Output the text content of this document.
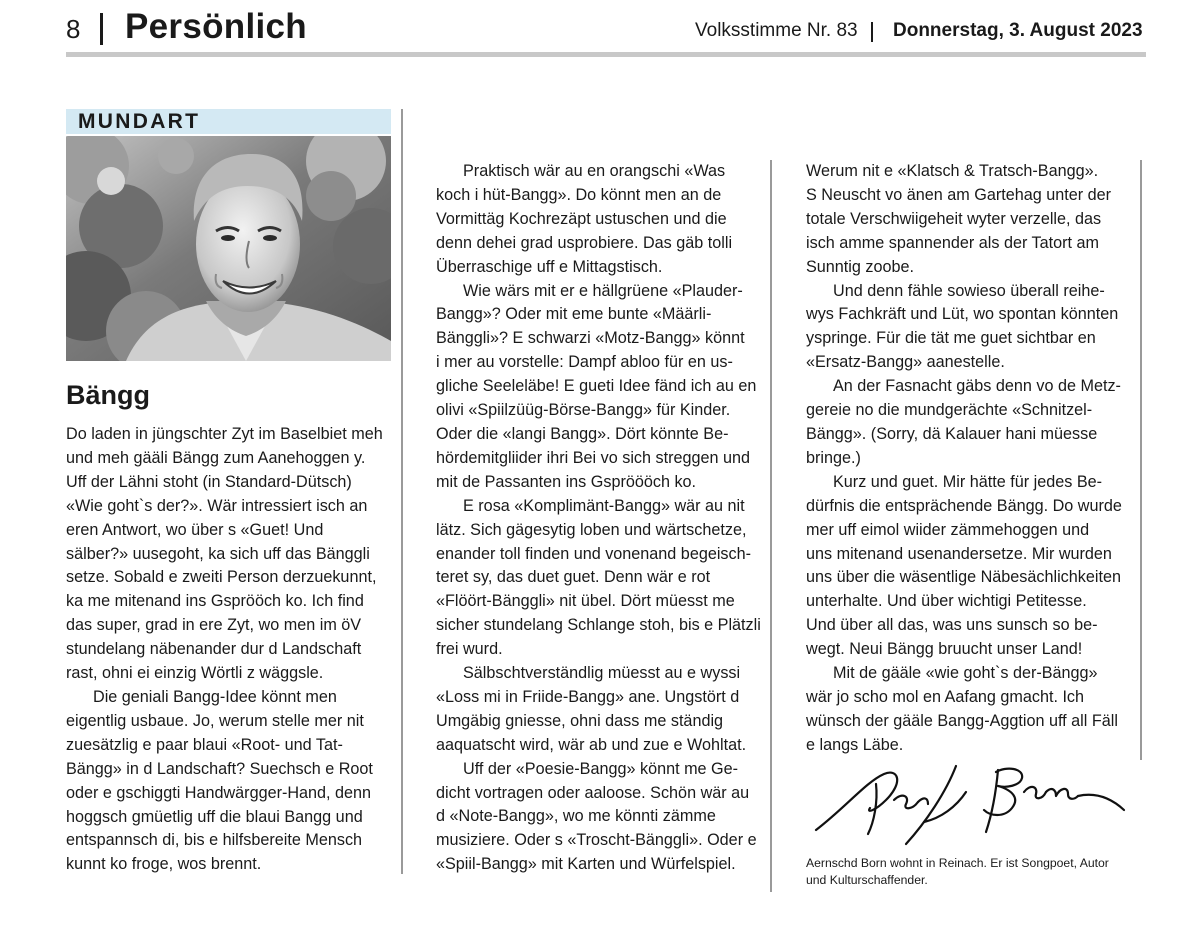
8 Persönlich	Volksstimme Nr. 83 Donnerstag, 3. August 2023
MUNDART
Bängg

Do laden in jüngschter Zyt im Baselbiet meh

und meh gääli Bängg zum Aanehoggen y.

Uff der Lähni stoht (in Standard-Dütsch)

«Wie goht`s der?». Wär intressiert isch an

eren Antwort, wo über s «Guet! Und

sälber?» uusegoht, ka sich uff das Bänggli

setze. Sobald e zweiti Person derzuekunnt,

ka me mitenand ins Gsprööch ko. Ich find

das super, grad in ere Zyt, wo men im öV

stundelang näbenander dur d Landschaft

rast, ohni ei einzig Wörtli z wäggsle.

Die geniali Bangg-Idee könnt men

eigentlig usbaue. Jo, werum stelle mer nit

zuesätzlig e paar blaui «Root- und Tat-

Bängg» in d Landschaft? Suechsch e Root

oder e gschiggti Handwärgger-Hand, denn

hoggsch gmüetlig uff die blaui Bangg und

entspannsch di, bis e hilfsbereite Mensch

kunnt ko froge, wos brennt.

Praktisch wär au en orangschi «Was

koch i hüt-Bangg». Do könnt men an de

Vormittäg Kochrezäpt ustuschen und die

denn dehei grad usprobiere. Das gäb tolli

Überraschige uff e Mittagstisch.

Wie wärs mit er e hällgrüene «Plauder-

Bangg»? Oder mit eme bunte «Määrli-

Bänggli»? E schwarzi «Motz-Bangg» könnt

i mer au vorstelle: Dampf abloo für en us-

gliche Seeleläbe! E gueti Idee fänd ich au en

olivi «Spiilzüüg-Börse-Bangg» für Kinder.

Oder die «langi Bangg». Dört könnte Be-

hördemitgliider ihri Bei vo sich streggen und

mit de Passanten ins Gspröööch ko.

E rosa «Komplimänt-Bangg» wär au nit

lätz. Sich gägesytig loben und wärtschetze,

enander toll finden und vonenand begeisch-

teret sy, das duet guet. Denn wär e rot

«Flöört-Bänggli» nit übel. Dört müesst me

sicher stundelang Schlange stoh, bis e Plätzli

frei wurd.

Sälbschtverständlig müesst au e wyssi

«Loss mi in Friide-Bangg» ane. Ungstört d

Umgäbig gniesse, ohni dass me ständig

aaquatscht wird, wär ab und zue e Wohltat.

Uff der «Poesie-Bangg» könnt me Ge-

dicht vortragen oder aaloose. Schön wär au

d «Note-Bangg», wo me könnti zämme

musiziere. Oder s «Troscht-Bänggli». Oder e

«Spiil-Bangg» mit Karten und Würfelspiel.

Werum nit e «Klatsch & Tratsch-Bangg».

S Neuscht vo änen am Gartehag unter der

totale Verschwiigeheit wyter verzelle, das

isch amme spannender als der Tatort am

Sunntig zoobe.

Und denn fähle sowieso überall reihe-

wys Fachkräft und Lüt, wo spontan könnten

yspringe. Für die tät me guet sichtbar en

«Ersatz-Bangg» aanestelle.

An der Fasnacht gäbs denn vo de Metz-

gereie no die mundgerächte «Schnitzel-

Bängg». (Sorry, dä Kalauer hani müesse

bringe.)

Kurz und guet. Mir hätte für jedes Be-

dürfnis die entsprächende Bängg. Do wurde

mer uff eimol wiider zämmehoggen und

uns mitenand usenandersetze. Mir wurden

uns über die wäsentlige Näbesächlichkeiten

unterhalte. Und über wichtigi Petitesse.

Und über all das, was uns sunsch so be-

wegt. Neui Bängg bruucht unser Land!

Mit de gääle «wie goht`s der-Bängg»

wär jo scho mol en Aafang gmacht. Ich

wünsch der gääle Bangg-Aggtion uff all Fäll

e langs Läbe.

Aernschd Born wohnt in Reinach. Er ist Songpoet, Autor

und Kulturschaffender.
